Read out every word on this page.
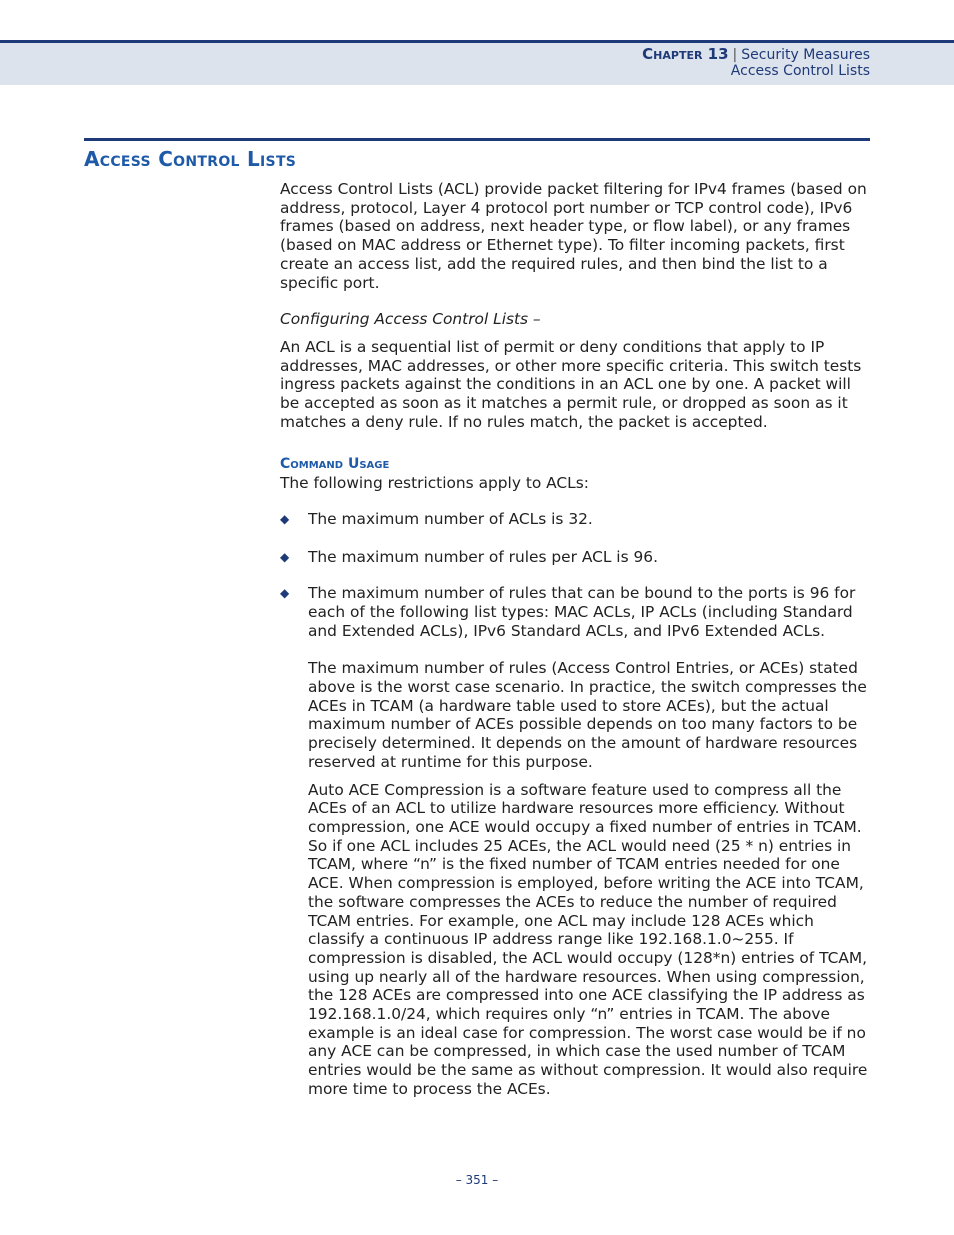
Chapter 13 | Security Measures
Access Control Lists
Access Control Lists

Access Control Lists (ACL) provide packet filtering for IPv4 frames (based on address, protocol, Layer 4 protocol port number or TCP control code), IPv6 frames (based on address, next header type, or flow label), or any frames (based on MAC address or Ethernet type). To filter incoming packets, first create an access list, add the required rules, and then bind the list to a specific port.

Configuring Access Control Lists –

An ACL is a sequential list of permit or deny conditions that apply to IP addresses, MAC addresses, or other more specific criteria. This switch tests ingress packets against the conditions in an ACL one by one. A packet will be accepted as soon as it matches a permit rule, or dropped as soon as it matches a deny rule. If no rules match, the packet is accepted.

Command Usage

The following restrictions apply to ACLs:

◆ The maximum number of ACLs is 32.
◆ The maximum number of rules per ACL is 96.
◆ The maximum number of rules that can be bound to the ports is 96 for each of the following list types: MAC ACLs, IP ACLs (including Standard and Extended ACLs), IPv6 Standard ACLs, and IPv6 Extended ACLs.

The maximum number of rules (Access Control Entries, or ACEs) stated above is the worst case scenario. In practice, the switch compresses the ACEs in TCAM (a hardware table used to store ACEs), but the actual maximum number of ACEs possible depends on too many factors to be precisely determined. It depends on the amount of hardware resources reserved at runtime for this purpose.

Auto ACE Compression is a software feature used to compress all the ACEs of an ACL to utilize hardware resources more efficiency. Without compression, one ACE would occupy a fixed number of entries in TCAM. So if one ACL includes 25 ACEs, the ACL would need (25 * n) entries in TCAM, where “n” is the fixed number of TCAM entries needed for one ACE. When compression is employed, before writing the ACE into TCAM, the software compresses the ACEs to reduce the number of required TCAM entries. For example, one ACL may include 128 ACEs which classify a continuous IP address range like 192.168.1.0~255. If compression is disabled, the ACL would occupy (128*n) entries of TCAM, using up nearly all of the hardware resources. When using compression, the 128 ACEs are compressed into one ACE classifying the IP address as 192.168.1.0/24, which requires only “n” entries in TCAM. The above example is an ideal case for compression. The worst case would be if no any ACE can be compressed, in which case the used number of TCAM entries would be the same as without compression. It would also require more time to process the ACEs.

– 351 –
